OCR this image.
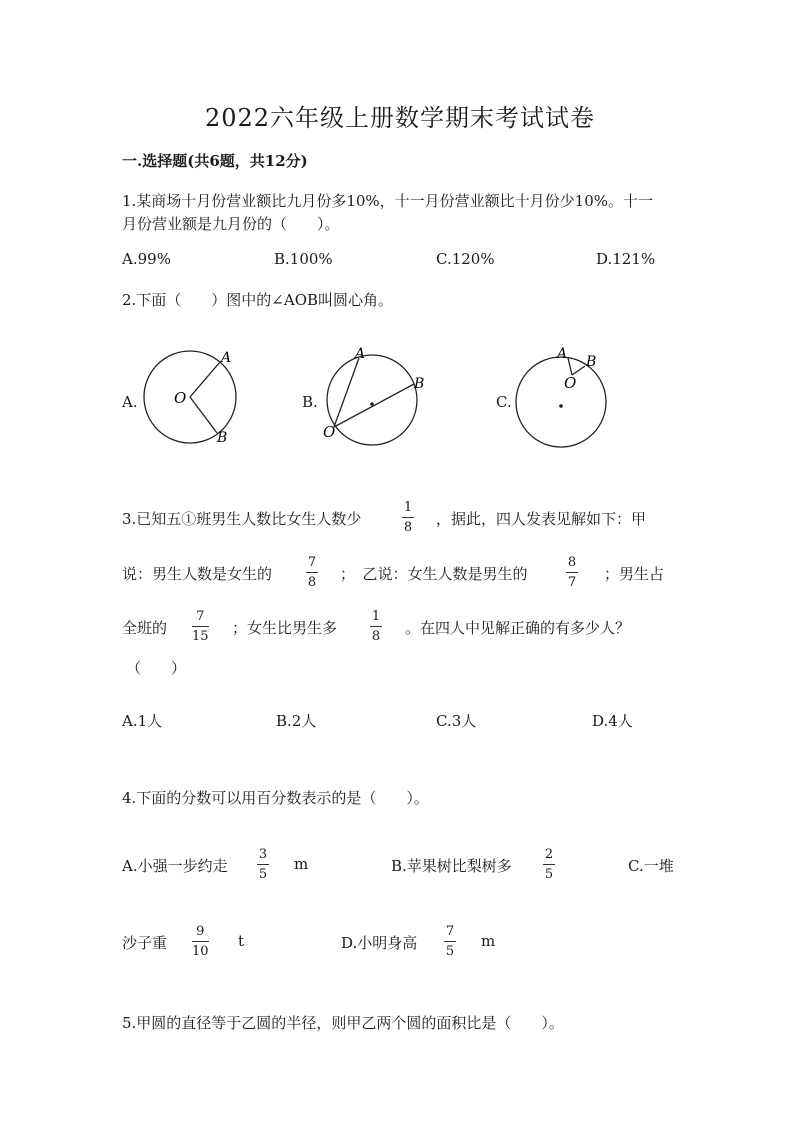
2022六年级上册数学期末考试试卷
一.选择题(共6题，共12分)
1.某商场十月份营业额比九月份多10%，十一月份营业额比十月份少10%。十一
月份营业额是九月份的（　　）。
A.99%	B.100%	C.120%	D.121%
2.下面（　　）图中的∠AOB叫圆心角。
A. O
A
B
B.
O
A
B
C.
O
A B
3.已知五①班男生人数比女生人数少
1
8 ，据此，四人发表见解如下：甲
说：男生人数是女生的
7
8 ；　乙说：女生人数是男生的
8
7 ；男生占
全班的
7
15 ；女生比男生多
1
8 。在四人中见解正确的有多少人？
（　　）
A.1人	B.2人	C.3人	D.4人
4.下面的分数可以用百分数表示的是（　　）。
A.小强一步约走
3
5
m	B.苹果树比梨树多
2
5	C.一堆
沙子重
9
10
t	D.小明身高
7
5
m
5.甲圆的直径等于乙圆的半径，则甲乙两个圆的面积比是（　　）。
